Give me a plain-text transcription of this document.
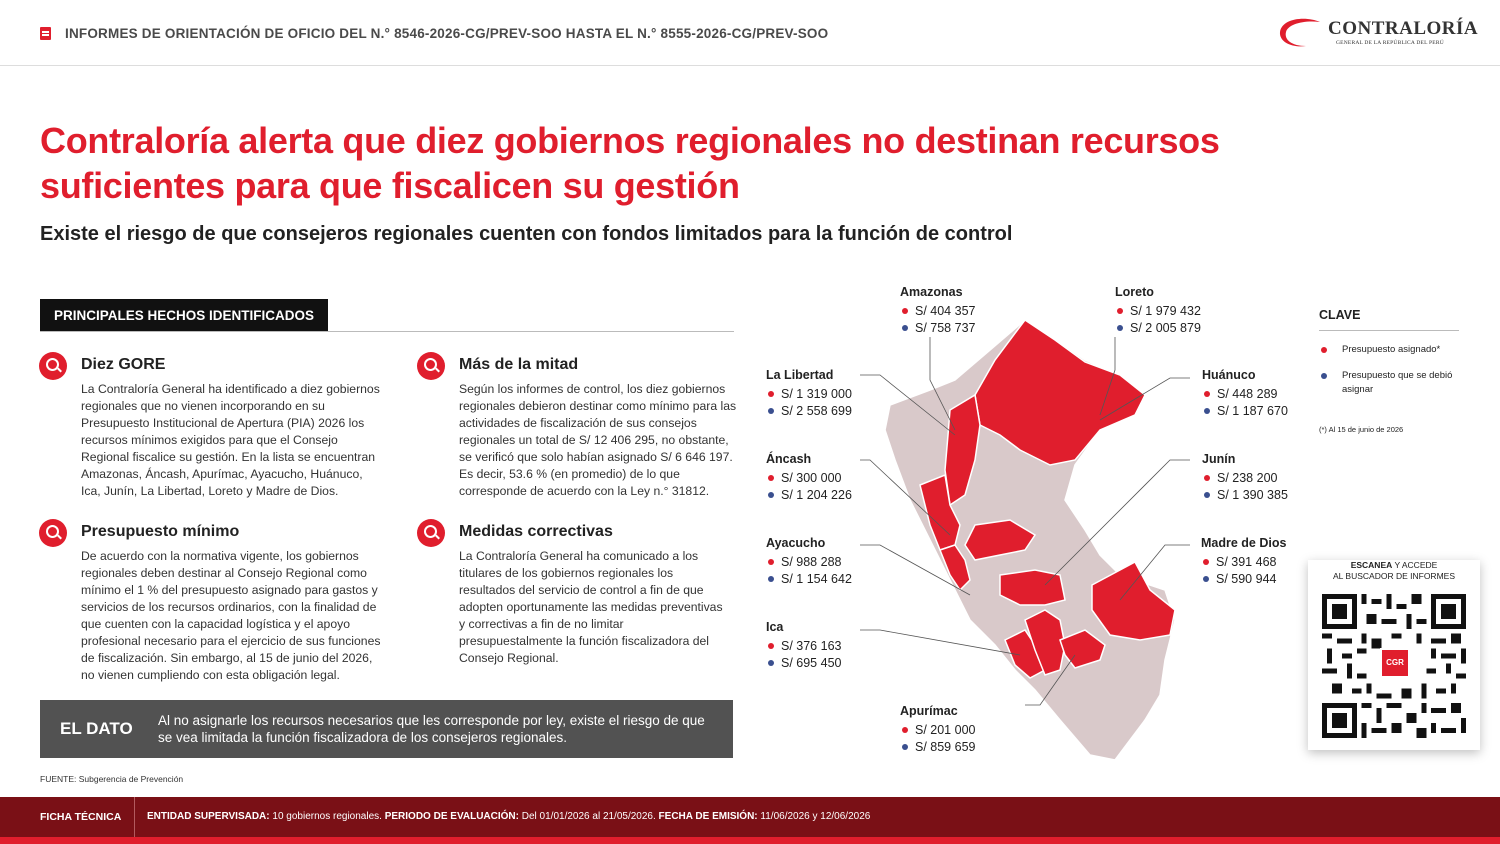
INFORMES DE ORIENTACIÓN DE OFICIO DEL N.° 8546-2026-CG/PREV-SOO HASTA EL N.° 8555-2026-CG/PREV-SOO	CONTRALORÍA
GENERAL DE LA REPÚBLICA DEL PERÚ
Contraloría alerta que diez gobiernos regionales no destinan recursos suficientes para que fiscalicen su gestión
Existe el riesgo de que consejeros regionales cuenten con fondos limitados para la función de control
PRINCIPALES HECHOS IDENTIFICADOS
Diez GORE

La Contraloría General ha identificado a diez gobiernos regionales que no vienen incorporando en su Presupuesto Institucional de Apertura (PIA) 2026 los recursos mínimos exigidos para que el Consejo Regional fiscalice su gestión. En la lista se encuentran Amazonas, Áncash, Apurímac, Ayacucho, Huánuco, Ica, Junín, La Libertad, Loreto y Madre de Dios.

Más de la mitad

Según los informes de control, los diez gobiernos regionales debieron destinar como mínimo para las actividades de fiscalización de sus consejos regionales un total de S/ 12 406 295, no obstante, se verificó que solo habían asignado S/ 6 646 197. Es decir, 53.6 % (en promedio) de lo que corresponde de acuerdo con la Ley n.° 31812.

Presupuesto mínimo

De acuerdo con la normativa vigente, los gobiernos regionales deben destinar al Consejo Regional como mínimo el 1 % del presupuesto asignado para gastos y servicios de los recursos ordinarios, con la finalidad de que cuenten con la capacidad logística y el apoyo profesional necesario para el ejercicio de sus funciones de fiscalización. Sin embargo, al 15 de junio del 2026, no vienen cumpliendo con esta obligación legal.

Medidas correctivas

La Contraloría General ha comunicado a los titulares de los gobiernos regionales los resultados del servicio de control a fin de que adopten oportunamente las medidas preventivas y correctivas a fin de no limitar presupuestalmente la función fiscalizadora del Consejo Regional.

EL DATO Al no asignarle los recursos necesarios que les corresponde por ley, existe el riesgo de que se vea limitada la función fiscalizadora de los consejeros regionales.
FUENTE: Subgerencia de Prevención
Amazonas
S/ 404 357
S/ 758 737
Loreto
S/ 1 979 432
S/ 2 005 879
La Libertad
S/ 1 319 000
S/ 2 558 699
Huánuco
S/ 448 289
S/ 1 187 670
Áncash
S/ 300 000
S/ 1 204 226
Junín
S/ 238 200
S/ 1 390 385
Ayacucho
S/ 988 288
S/ 1 154 642
Madre de Dios
S/ 391 468
S/ 590 944
Ica
S/ 376 163
S/ 695 450
Apurímac
S/ 201 000
S/ 859 659
CLAVE
Presupuesto asignado*
Presupuesto que se debió asignar
(*) Al 15 de junio de 2026
ESCANEA Y ACCEDE
AL BUSCADOR DE INFORMES
CGR
FICHA TÉCNICA	ENTIDAD SUPERVISADA: 10 gobiernos regionales. PERIODO DE EVALUACIÓN: Del 01/01/2026 al 21/05/2026. FECHA DE EMISIÓN: 11/06/2026 y 12/06/2026
